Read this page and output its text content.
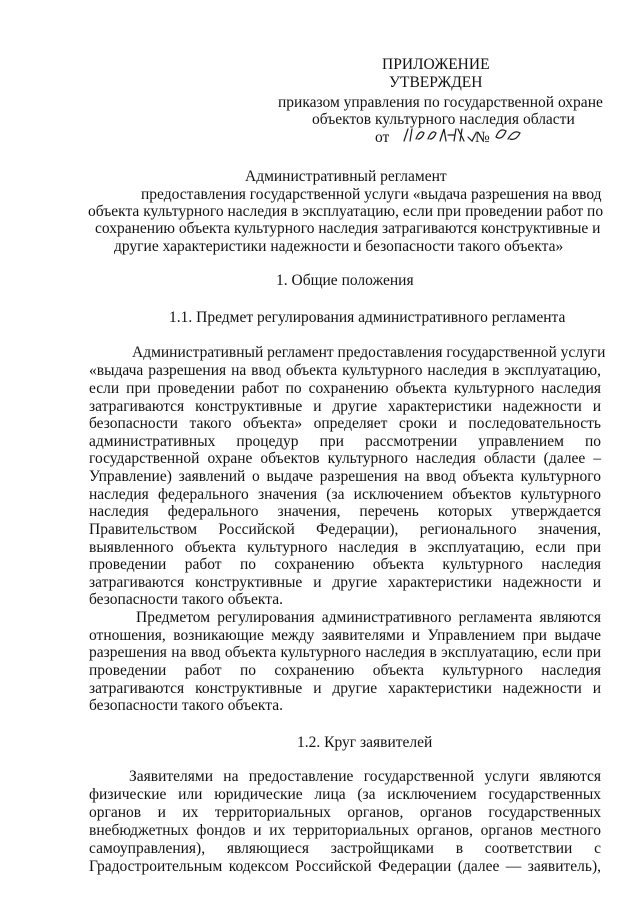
ПРИЛОЖЕНИЕ
УТВЕРЖДЕН
приказом управления по государственной охране
объектов культурного наследия области
от	№
Административный регламент
предоставления государственной услуги «выдача разрешения на ввод
объекта культурного наследия в эксплуатацию, если при проведении работ по
сохранению объекта культурного наследия затрагиваются конструктивные и
другие характеристики надежности и безопасности такого объекта»
1. Общие положения
1.1. Предмет регулирования административного регламента
Административный регламент предоставления государственной услуги
«выдача разрешения на ввод объекта культурного наследия в эксплуатацию,
если при проведении работ по сохранению объекта культурного наследия
затрагиваются конструктивные и другие характеристики надежности и
безопасности такого объекта» определяет сроки и последовательность
административных процедур при рассмотрении управлением по
государственной охране объектов культурного наследия области (далее –
Управление) заявлений о выдаче разрешения на ввод объекта культурного
наследия федерального значения (за исключением объектов культурного
наследия федерального значения, перечень которых утверждается
Правительством Российской Федерации), регионального значения,
выявленного объекта культурного наследия в эксплуатацию, если при
проведении работ по сохранению объекта культурного наследия
затрагиваются конструктивные и другие характеристики надежности и
безопасности такого объекта.
Предметом регулирования административного регламента являются
отношения, возникающие между заявителями и Управлением при выдаче
разрешения на ввод объекта культурного наследия в эксплуатацию, если при
проведении работ по сохранению объекта культурного наследия
затрагиваются конструктивные и другие характеристики надежности и
безопасности такого объекта.
1.2. Круг заявителей
Заявителями на предоставление государственной услуги являются
физические или юридические лица (за исключением государственных
органов и их территориальных органов, органов государственных
внебюджетных фондов и их территориальных органов, органов местного
самоуправления), являющиеся застройщиками в соответствии с
Градостроительным кодексом Российской Федерации (далее — заявитель),
